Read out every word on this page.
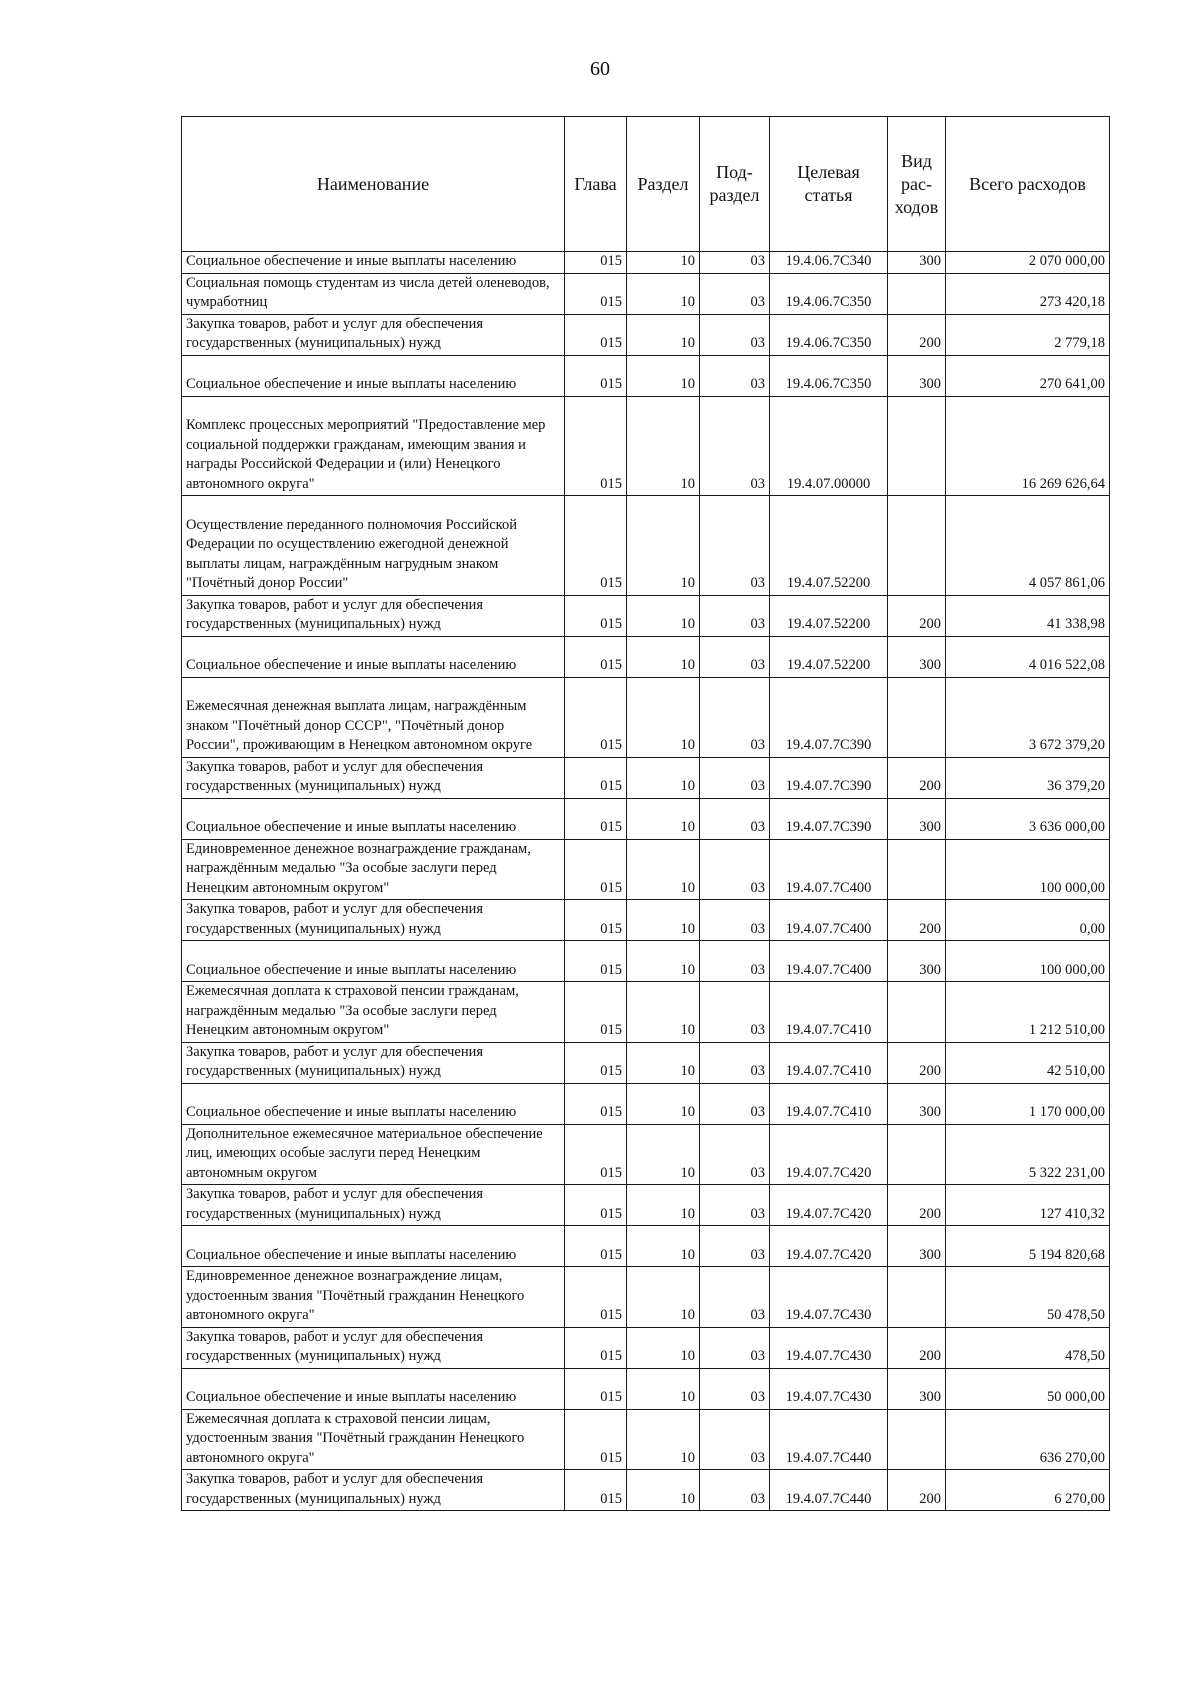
60
Наименование	Глава	Раздел	Под-раздел	Целевая статья	Вид рас-ходов	Всего расходов
Социальное обеспечение и иные выплаты населению	015	10	03	19.4.06.7С340	300	2 070 000,00
Социальная помощь студентам из числа детей оленеводов, чумработниц	015	10	03	19.4.06.7С350		273 420,18
Закупка товаров, работ и услуг для обеспечения государственных (муниципальных) нужд	015	10	03	19.4.06.7С350	200	2 779,18
Социальное обеспечение и иные выплаты населению	015	10	03	19.4.06.7С350	300	270 641,00
Комплекс процессных мероприятий "Предоставление мер социальной поддержки гражданам, имеющим звания и награды Российской Федерации и (или) Ненецкого автономного округа"	015	10	03	19.4.07.00000		16 269 626,64
Осуществление переданного полномочия Российской Федерации по осуществлению ежегодной денежной выплаты лицам, награждённым нагрудным знаком "Почётный донор России"	015	10	03	19.4.07.52200		4 057 861,06
Закупка товаров, работ и услуг для обеспечения государственных (муниципальных) нужд	015	10	03	19.4.07.52200	200	41 338,98
Социальное обеспечение и иные выплаты населению	015	10	03	19.4.07.52200	300	4 016 522,08
Ежемесячная денежная выплата лицам, награждённым знаком "Почётный донор СССР", "Почётный донор России", проживающим в Ненецком автономном округе	015	10	03	19.4.07.7С390		3 672 379,20
Закупка товаров, работ и услуг для обеспечения государственных (муниципальных) нужд	015	10	03	19.4.07.7С390	200	36 379,20
Социальное обеспечение и иные выплаты населению	015	10	03	19.4.07.7С390	300	3 636 000,00
Единовременное денежное вознаграждение гражданам, награждённым медалью "За особые заслуги перед Ненецким автономным округом"	015	10	03	19.4.07.7С400		100 000,00
Закупка товаров, работ и услуг для обеспечения государственных (муниципальных) нужд	015	10	03	19.4.07.7С400	200	0,00
Социальное обеспечение и иные выплаты населению	015	10	03	19.4.07.7С400	300	100 000,00
Ежемесячная доплата к страховой пенсии гражданам, награждённым медалью "За особые заслуги перед Ненецким автономным округом"	015	10	03	19.4.07.7С410		1 212 510,00
Закупка товаров, работ и услуг для обеспечения государственных (муниципальных) нужд	015	10	03	19.4.07.7С410	200	42 510,00
Социальное обеспечение и иные выплаты населению	015	10	03	19.4.07.7С410	300	1 170 000,00
Дополнительное ежемесячное материальное обеспечение лиц, имеющих особые заслуги перед Ненецким автономным округом	015	10	03	19.4.07.7С420		5 322 231,00
Закупка товаров, работ и услуг для обеспечения государственных (муниципальных) нужд	015	10	03	19.4.07.7С420	200	127 410,32
Социальное обеспечение и иные выплаты населению	015	10	03	19.4.07.7С420	300	5 194 820,68
Единовременное денежное вознаграждение лицам, удостоенным звания "Почётный гражданин Ненецкого автономного округа"	015	10	03	19.4.07.7С430		50 478,50
Закупка товаров, работ и услуг для обеспечения государственных (муниципальных) нужд	015	10	03	19.4.07.7С430	200	478,50
Социальное обеспечение и иные выплаты населению	015	10	03	19.4.07.7С430	300	50 000,00
Ежемесячная доплата к страховой пенсии лицам, удостоенным звания "Почётный гражданин Ненецкого автономного округа"	015	10	03	19.4.07.7С440		636 270,00
Закупка товаров, работ и услуг для обеспечения государственных (муниципальных) нужд	015	10	03	19.4.07.7С440	200	6 270,00
